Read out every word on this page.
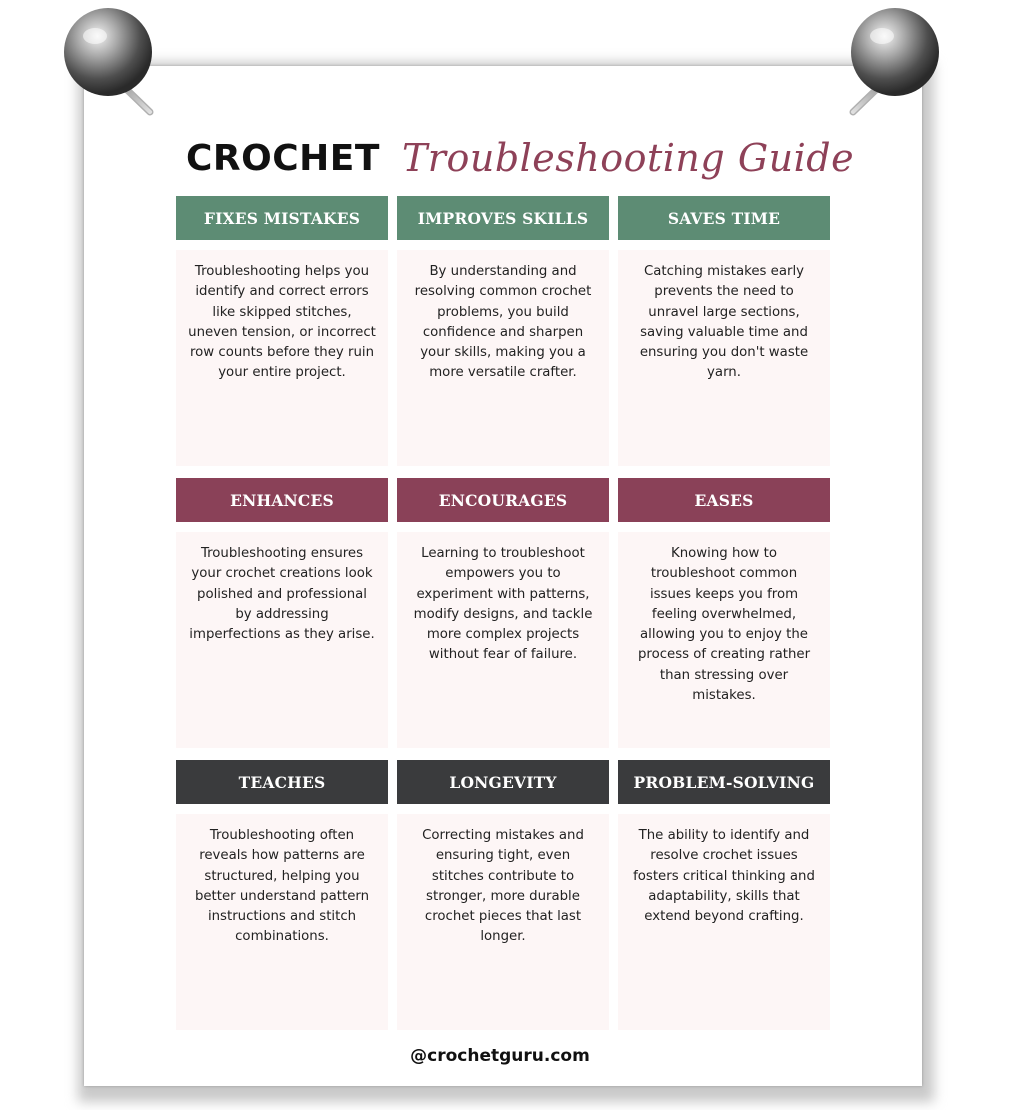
CROCHET Troubleshooting Guide
FIXES MISTAKES
Troubleshooting helps you identify and correct errors like skipped stitches, uneven tension, or incorrect row counts before they ruin your entire project.
IMPROVES SKILLS
By understanding and resolving common crochet problems, you build confidence and sharpen your skills, making you a more versatile crafter.
SAVES TIME
Catching mistakes early prevents the need to unravel large sections, saving valuable time and ensuring you don't waste yarn.
ENHANCES
Troubleshooting ensures your crochet creations look polished and professional by addressing imperfections as they arise.
ENCOURAGES
Learning to troubleshoot empowers you to experiment with patterns, modify designs, and tackle more complex projects without fear of failure.
EASES
Knowing how to troubleshoot common issues keeps you from feeling overwhelmed, allowing you to enjoy the process of creating rather than stressing over mistakes.
TEACHES
Troubleshooting often reveals how patterns are structured, helping you better understand pattern instructions and stitch combinations.
LONGEVITY
Correcting mistakes and ensuring tight, even stitches contribute to stronger, more durable crochet pieces that last longer.
PROBLEM-SOLVING
The ability to identify and resolve crochet issues fosters critical thinking and adaptability, skills that extend beyond crafting.
@crochetguru.com
